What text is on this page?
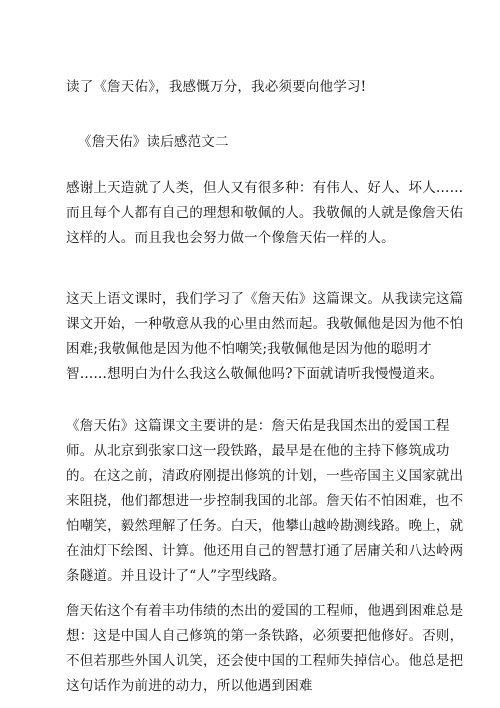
读了《詹天佑》，我感慨万分，我必须要向他学习!

《詹天佑》读后感范文二

感谢上天造就了人类，但人又有很多种：有伟人、好人、坏人……而且每个人都有自己的理想和敬佩的人。我敬佩的人就是像詹天佑这样的人。而且我也会努力做一个像詹天佑一样的人。

这天上语文课时，我们学习了《詹天佑》这篇课文。从我读完这篇课文开始，一种敬意从我的心里由然而起。我敬佩他是因为他不怕困难;我敬佩他是因为他不怕嘲笑;我敬佩他是因为他的聪明才智……想明白为什么我这么敬佩他吗?下面就请听我慢慢道来。

《詹天佑》这篇课文主要讲的是：詹天佑是我国杰出的爱国工程师。从北京到张家口这一段铁路，最早是在他的主持下修筑成功的。在这之前，清政府刚提出修筑的计划，一些帝国主义国家就出来阻挠，他们都想进一步控制我国的北部。詹天佑不怕困难，也不怕嘲笑，毅然理解了任务。白天，他攀山越岭勘测线路。晚上，就在油灯下绘图、计算。他还用自己的智慧打通了居庸关和八达岭两条隧道。并且设计了“人”字型线路。

詹天佑这个有着丰功伟绩的杰出的爱国的工程师，他遇到困难总是想：这是中国人自己修筑的第一条铁路，必须要把他修好。否则，不但若那些外国人讥笑，还会使中国的工程师失掉信心。他总是把这句话作为前进的动力，所以他遇到困难
